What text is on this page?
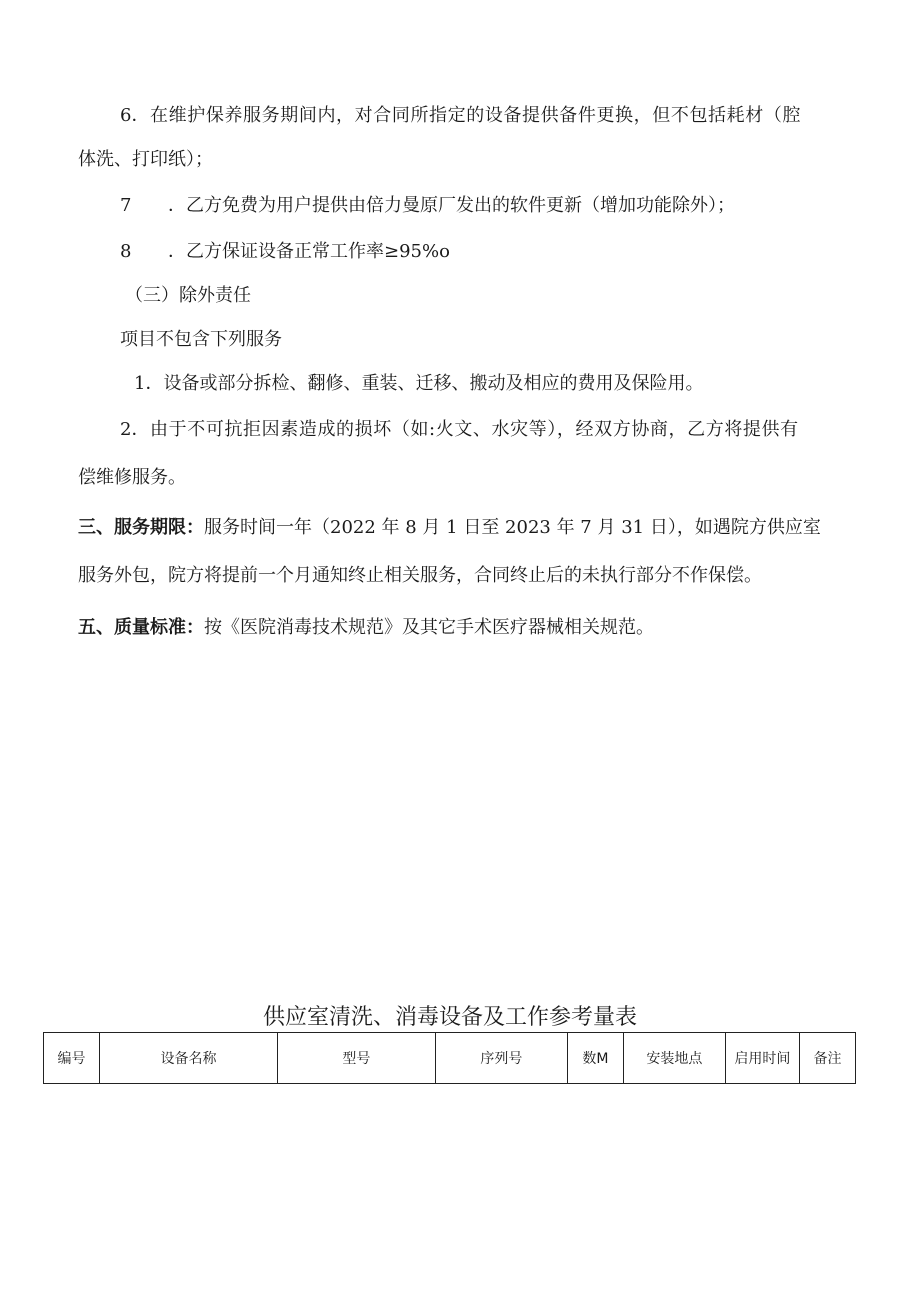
6．在维护保养服务期间内，对合同所指定的设备提供备件更换，但不包括耗材（腔
体洗、打印纸）；
7 ．乙方免费为用户提供由倍力曼原厂发出的软件更新（增加功能除外）；
8 ．乙方保证设备正常工作率≥95%o
（三）除外责任
项目不包含下列服务
1．设备或部分拆检、翻修、重装、迁移、搬动及相应的费用及保险用。
2．由于不可抗拒因素造成的损坏（如:火文、水灾等），经双方协商，乙方将提供有
偿维修服务。
三、服务期限：服务时间一年（2022 年 8 月 1 日至 2023 年 7 月 31 日），如遇院方供应室
服务外包，院方将提前一个月通知终止相关服务，合同终止后的未执行部分不作保偿。
五、质量标准：按《医院消毒技术规范》及其它手术医疗器械相关规范。
供应室清洗、消毒设备及工作参考量表
编号	设备名称	型号	序列号	数M	安装地点	启用时间	备注
